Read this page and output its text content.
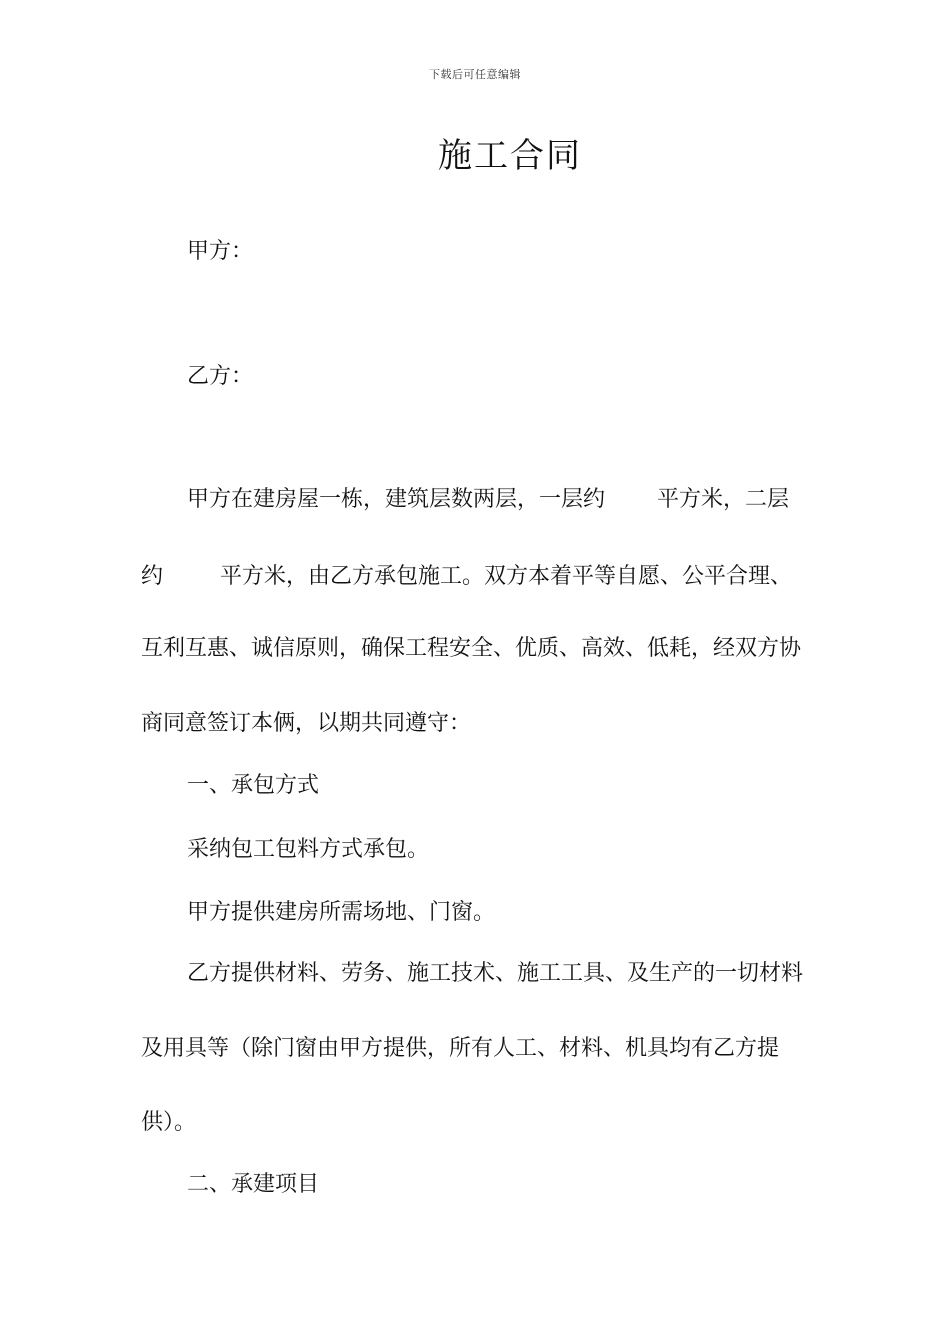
下载后可任意编辑
施工合同
甲方：
乙方：
甲方在建房屋一栋，建筑层数两层，一层约 平方米，二层
约	平方米，由乙方承包施工。双方本着平等自愿、公平合理、
互利互惠、诚信原则，确保工程安全、优质、高效、低耗，经双方协
商同意签订本俩，以期共同遵守：
一、承包方式
采纳包工包料方式承包。
甲方提供建房所需场地、门窗。
乙方提供材料、劳务、施工技术、施工工具、及生产的一切材料
及用具等（除门窗由甲方提供，所有人工、材料、机具均有乙方提
供）。
二、承建项目
